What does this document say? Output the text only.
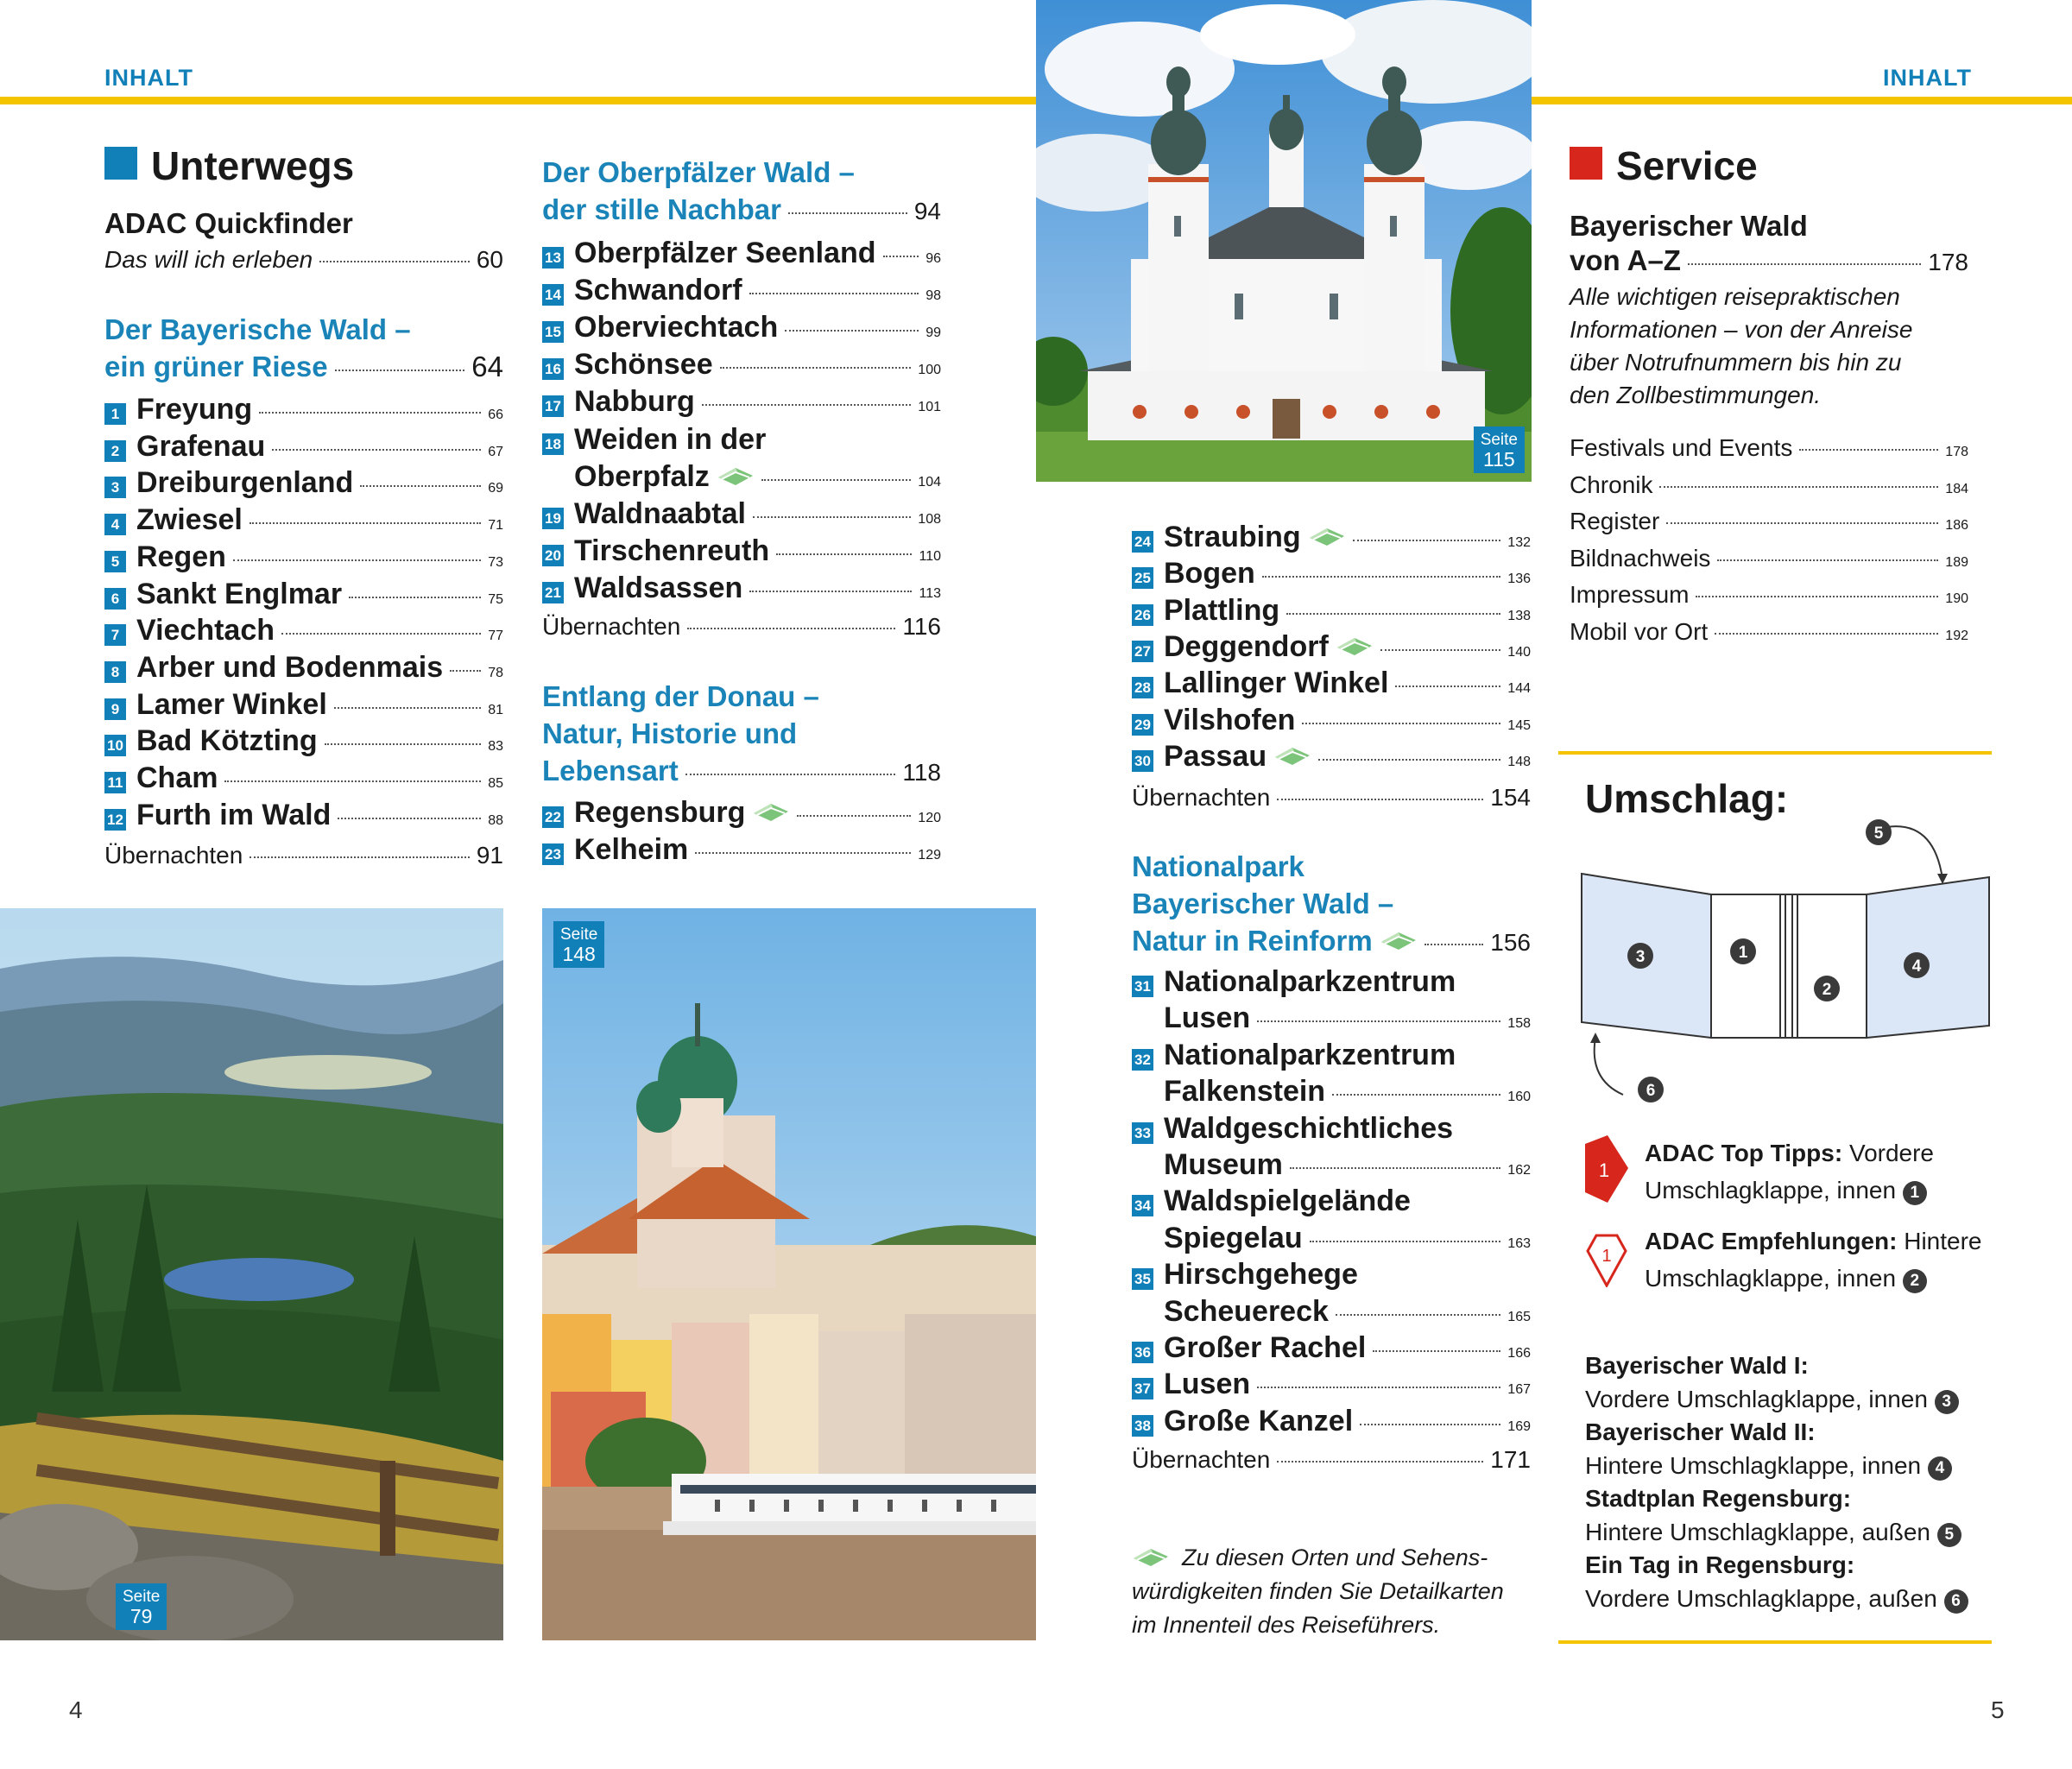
INHALT	INHALT
Unterwegs
ADAC Quickfinder
Das will ich erleben	60
Der Bayerische Wald –
ein grüner Riese	64
1 Freyung	66
2 Grafenau	67
3 Dreiburgenland	69
4 Zwiesel	71
5 Regen	73
6 Sankt Englmar	75
7 Viechtach	77
8 Arber und Bodenmais	78
9 Lamer Winkel	81
10 Bad Kötzting	83
11 Cham	85
12 Furth im Wald	88
Übernachten	91
Der Oberpfälzer Wald –
der stille Nachbar	94
13 Oberpfälzer Seenland	96
14 Schwandorf	98
15 Oberviechtach	99
16 Schönsee	100
17 Nabburg	101
18 Weiden in der
Oberpfalz	104
19 Waldnaabtal	108
20 Tirschenreuth	110
21 Waldsassen	113
Übernachten	116
Entlang der Donau –
Natur, Historie und
Lebensart	118
22 Regensburg	120
23 Kelheim	129
24 Straubing	132
25 Bogen	136
26 Plattling	138
27 Deggendorf	140
28 Lallinger Winkel	144
29 Vilshofen	145
30 Passau	148
Übernachten	154
Nationalpark
Bayerischer Wald –
Natur in Reinform	156
31 Nationalparkzentrum
Lusen	158
32 Nationalparkzentrum
Falkenstein	160
33 Waldgeschichtliches
Museum	162
34 Waldspielgelände
Spiegelau	163
35 Hirschgehege
Scheuereck	165
36 Großer Rachel	166
37 Lusen	167
38 Große Kanzel	169
Übernachten	171
Zu diesen Orten und Sehens-
würdigkeiten finden Sie Detailkarten
im Innenteil des Reiseführers.
Seite
115
Seite
79
Seite
148
Service
Bayerischer Wald
von A–Z	178
Alle wichtigen reisepraktischen
Informationen – von der Anreise
über Notrufnummern bis hin zu
den Zollbestimmungen.
Festivals und Events	178
Chronik	184
Register	186
Bildnachweis	189
Impressum	190
Mobil vor Ort	192
Umschlag:
1
2
3
4
5
6
1
ADAC Top Tipps: Vordere
Umschlagklappe, innen 1
1
ADAC Empfehlungen: Hintere
Umschlagklappe, innen 2
Bayerischer Wald I:
Vordere Umschlagklappe, innen 3
Bayerischer Wald II:
Hintere Umschlagklappe, innen 4
Stadtplan Regensburg:
Hintere Umschlagklappe, außen 5
Ein Tag in Regensburg:
Vordere Umschlagklappe, außen 6
4	5
